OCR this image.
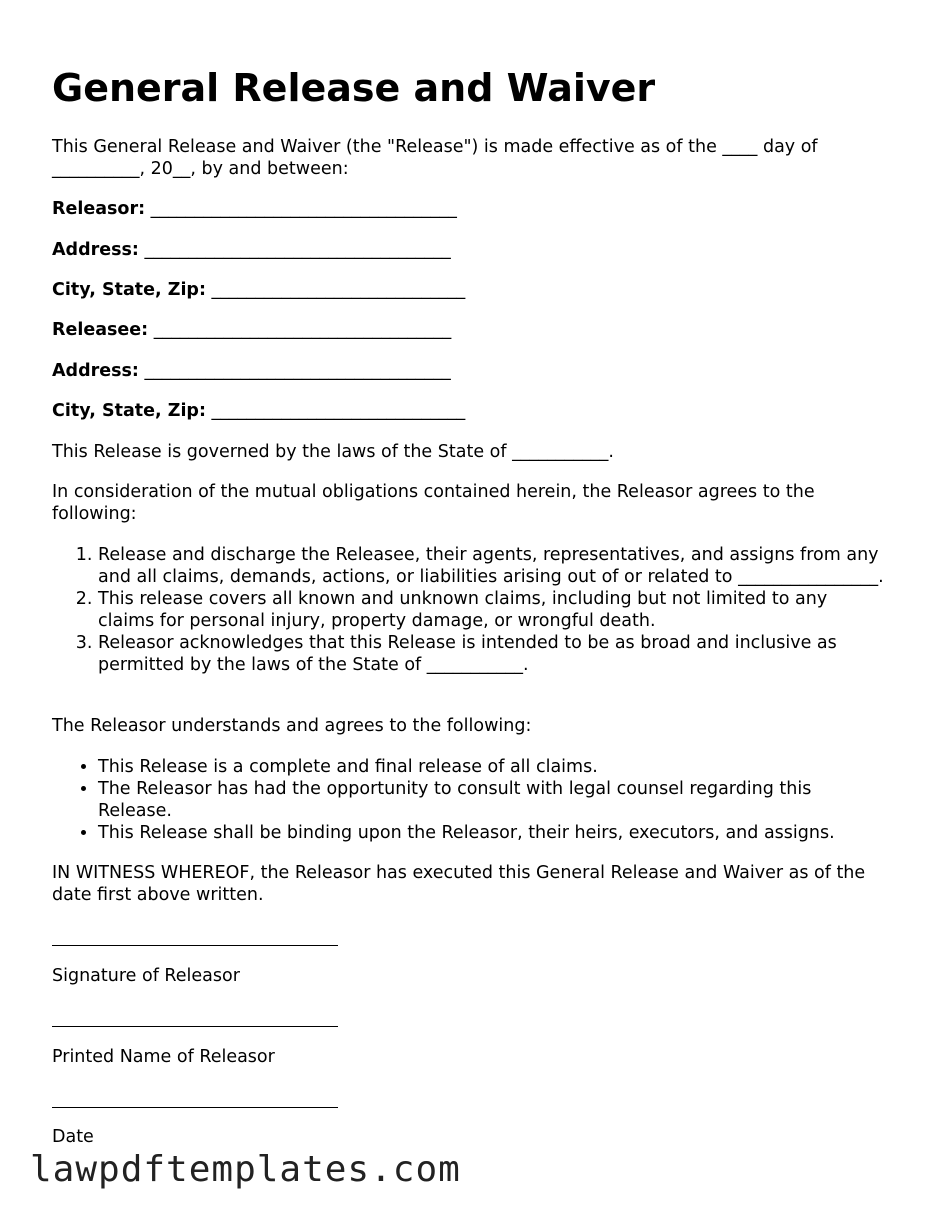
General Release and Waiver

This General Release and Waiver (the "Release") is made effective as of the ____ day of __________, 20__, by and between:

Releasor: ___________________________________
Address: ___________________________________
City, State, Zip: _____________________________
Releasee: __________________________________
Address: ___________________________________
City, State, Zip: _____________________________

This Release is governed by the laws of the State of ___________.

In consideration of the mutual obligations contained herein, the Releasor agrees to the following:

1. Release and discharge the Releasee, their agents, representatives, and assigns from any and all claims, demands, actions, or liabilities arising out of or related to ________________.
2. This release covers all known and unknown claims, including but not limited to any claims for personal injury, property damage, or wrongful death.
3. Releasor acknowledges that this Release is intended to be as broad and inclusive as permitted by the laws of the State of ___________.

The Releasor understands and agrees to the following:

• This Release is a complete and final release of all claims.
• The Releasor has had the opportunity to consult with legal counsel regarding this Release.
• This Release shall be binding upon the Releasor, their heirs, executors, and assigns.

IN WITNESS WHEREOF, the Releasor has executed this General Release and Waiver as of the date first above written.

Signature of Releasor
Printed Name of Releasor
Date
lawpdftemplates.com
